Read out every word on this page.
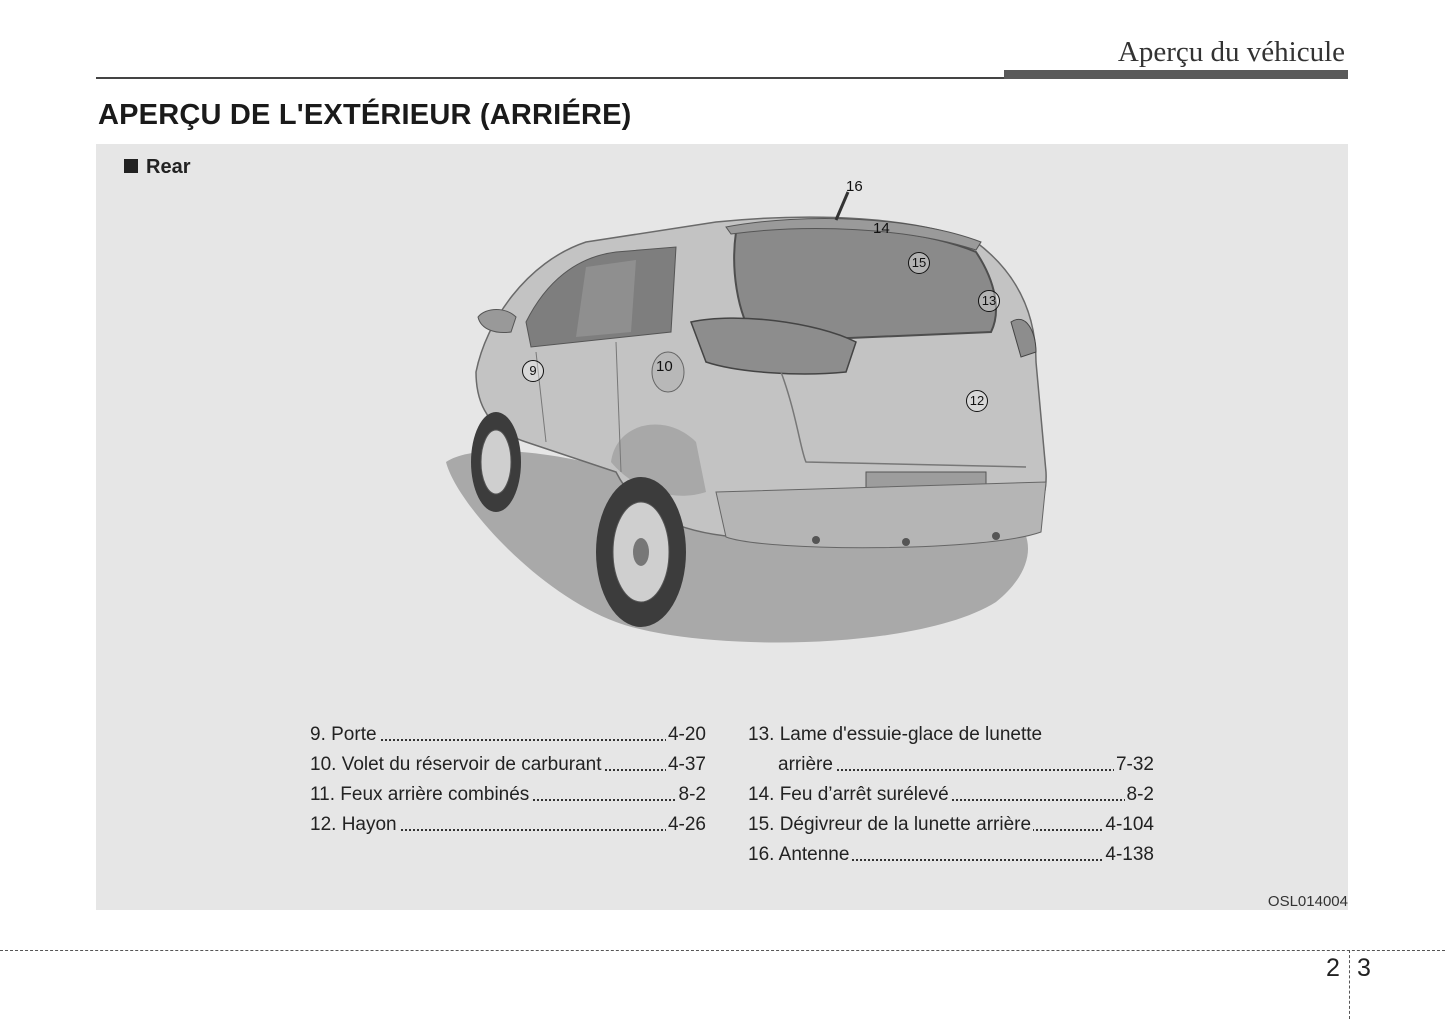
Aperçu du véhicule
APERÇU DE L'EXTÉRIEUR (ARRIÉRE)
Rear
16
14
15
13
9	10
12
9. Porte	4-20
10. Volet du réservoir de carburant	4-37
11. Feux arrière combinés	8-2
12. Hayon	4-26
13. Lame d'essuie-glace de lunette
arrière	7-32
14. Feu d’arrêt surélevé	8-2
15. Dégivreur de la lunette arrière	4-104
16. Antenne	4-138
OSL014004
2 3
